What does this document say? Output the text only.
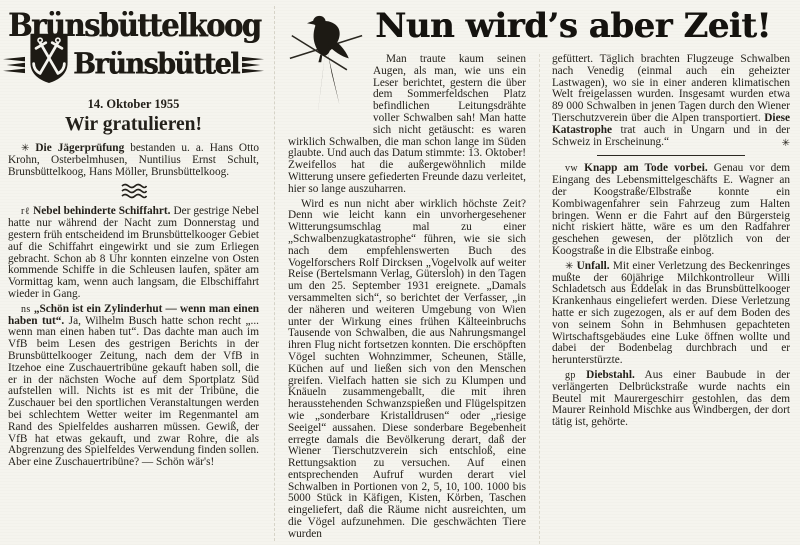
Brünsbüttelkoog
Brünsbüttel
14. Oktober 1955
Wir gratulieren!

✳ Die Jägerprüfung bestanden u. a. Hans Otto Krohn, Osterbelmhusen, Nuntilius Ernst Schult, Brunsbüttelkoog, Hans Möller, Brunsbüttelkoog.

rℓ Nebel behinderte Schiffahrt. Der gestrige Nebel hatte nur während der Nacht zum Donnerstag und gestern früh entscheidend im Brunsbüttelkooger Gebiet auf die Schiffahrt eingewirkt und sie zum Erliegen gebracht. Schon ab 8 Uhr konnten einzelne von Osten kommende Schiffe in die Schleusen laufen, später am Vormittag kam, wenn auch langsam, die Elbschiffahrt wieder in Gang.

ns „Schön ist ein Zylinderhut — wenn man einen haben tut“. Ja, Wilhelm Busch hatte schon recht „... wenn man einen haben tut“. Das dachte man auch im VfB beim Lesen des gestrigen Berichts in der Brunsbüttelkooger Zeitung, nach dem der VfB in Itzehoe eine Zuschauertribüne gekauft haben soll, die er in der nächsten Woche auf dem Sportplatz Süd aufstellen will. Nichts ist es mit der Tribüne, die Zuschauer bei den sportlichen Veranstaltungen werden bei schlechtem Wetter weiter im Regenmantel am Rand des Spielfeldes ausharren müssen. Gewiß, der VfB hat etwas gekauft, und zwar Rohre, die als Abgrenzung des Spielfeldes Verwendung finden sollen. Aber eine Zuschauertribüne? — Schön wär's!

Nun wird’s aber Zeit!

Man traute kaum seinen Augen, als man, wie uns ein Leser berichtet, gestern die über dem Sommerfeldschen Platz befindlichen Leitungsdrähte voller Schwalben sah! Man hatte sich nicht getäuscht: es waren wirklich Schwalben, die man schon lange im Süden glaubte. Und auch das Datum stimmte: 13. Oktober! Zweifellos hat die außergewöhnlich milde Witterung unsere gefiederten Freunde dazu verleitet, hier so lange auszuharren.

Wird es nun nicht aber wirklich höchste Zeit? Denn wie leicht kann ein unvorhergesehener Witterungsumschlag mal zu einer „Schwalbenzugkatastrophe“ führen, wie sie sich nach dem empfehlenswerten Buch des Vogelforschers Rolf Dircksen „Vogelvolk auf weiter Reise (Bertelsmann Verlag, Gütersloh) in den Tagen um den 25. September 1931 ereignete. „Damals versammelten sich“, so berichtet der Verfasser, „in der näheren und weiteren Umgebung von Wien unter der Wirkung eines frühen Kälteeinbruchs Tausende von Schwalben, die aus Nahrungsmangel ihren Flug nicht fortsetzen konnten. Die erschöpften Vögel suchten Wohnzimmer, Scheunen, Ställe, Küchen auf und ließen sich von den Menschen greifen. Vielfach hatten sie sich zu Klumpen und Knäueln zusammengeballt, die mit ihren herausstehenden Schwanzspießen und Flügelspitzen wie „sonderbare Kristalldrusen“ oder „riesige Seeigel“ aussahen. Diese sonderbare Begebenheit erregte damals die Bevölkerung derart, daß der Wiener Tierschutzverein sich entschloß, eine Rettungsaktion zu versuchen. Auf einen entsprechenden Aufruf wurden derart viel Schwalben in Portionen von 2, 5, 10, 100. 1000 bis 5000 Stück in Käfigen, Kisten, Körben, Taschen eingeliefert, daß die Räume nicht ausreichten, um die Vögel aufzunehmen. Die geschwächten Tiere wurden

gefüttert. Täglich brachten Flugzeuge Schwalben nach Venedig (einmal auch ein geheizter Lastwagen), wo sie in einer anderen klimatischen Welt freigelassen wurden. Insgesamt wurden etwa 89 000 Schwalben in jenen Tagen durch den Wiener Tierschutzverein über die Alpen transportiert. Diese Katastrophe trat auch in Ungarn und in der Schweiz in Erscheinung.“	✳

vw Knapp am Tode vorbei. Genau vor dem Eingang des Lebensmittelgeschäfts E. Wagner an der Koogstraße/Elbstraße konnte ein Kombiwagenfahrer sein Fahrzeug zum Halten bringen. Wenn er die Fahrt auf den Bürgersteig nicht riskiert hätte, wäre es um den Radfahrer geschehen gewesen, der plötzlich von der Koogstraße in die Elbstraße einbog.

✳ Unfall. Mit einer Verletzung des Beckenringes mußte der 60jährige Milchkontrolleur Willi Schladetsch aus Eddelak in das Brunsbüttelkooger Krankenhaus eingeliefert werden. Diese Verletzung hatte er sich zugezogen, als er auf dem Boden des von seinem Sohn in Behmhusen gepachteten Wirtschaftsgebäudes eine Luke öffnen wollte und dabei der Bodenbelag durchbrach und er herunterstürzte.

gp Diebstahl. Aus einer Baubude in der verlängerten Delbrückstraße wurde nachts ein Beutel mit Maurergeschirr gestohlen, das dem Maurer Reinhold Mischke aus Windbergen, der dort tätig ist, gehörte.
